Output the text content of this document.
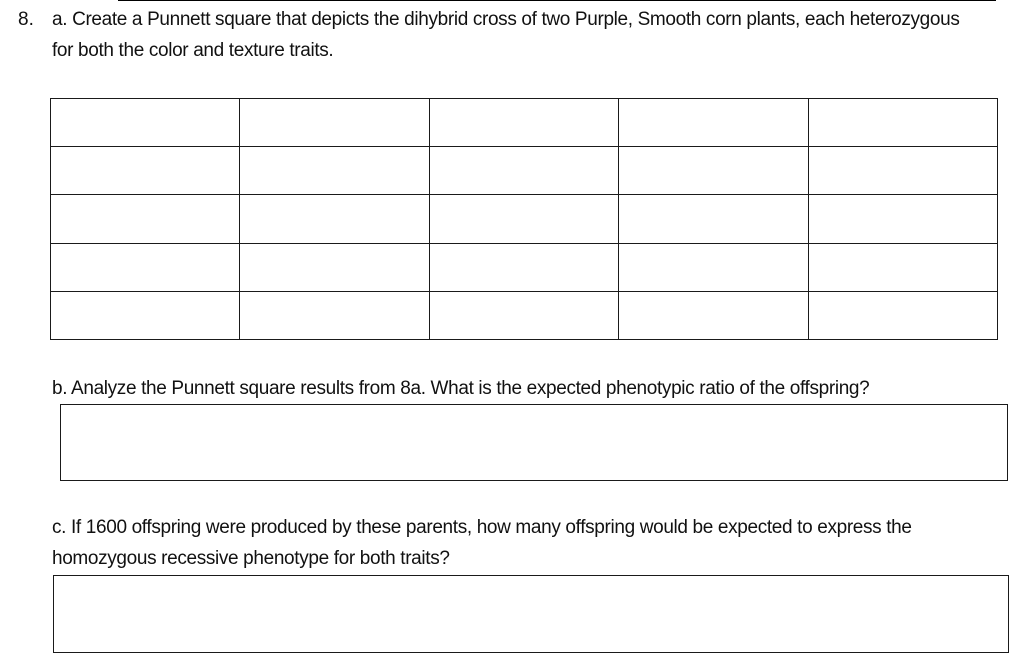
8. a. Create a Punnett square that depicts the dihybrid cross of two Purple, Smooth corn plants, each heterozygous
for both the color and texture traits.

b. Analyze the Punnett square results from 8a. What is the expected phenotypic ratio of the offspring?
c. If 1600 offspring were produced by these parents, how many offspring would be expected to express the
homozygous recessive phenotype for both traits?
